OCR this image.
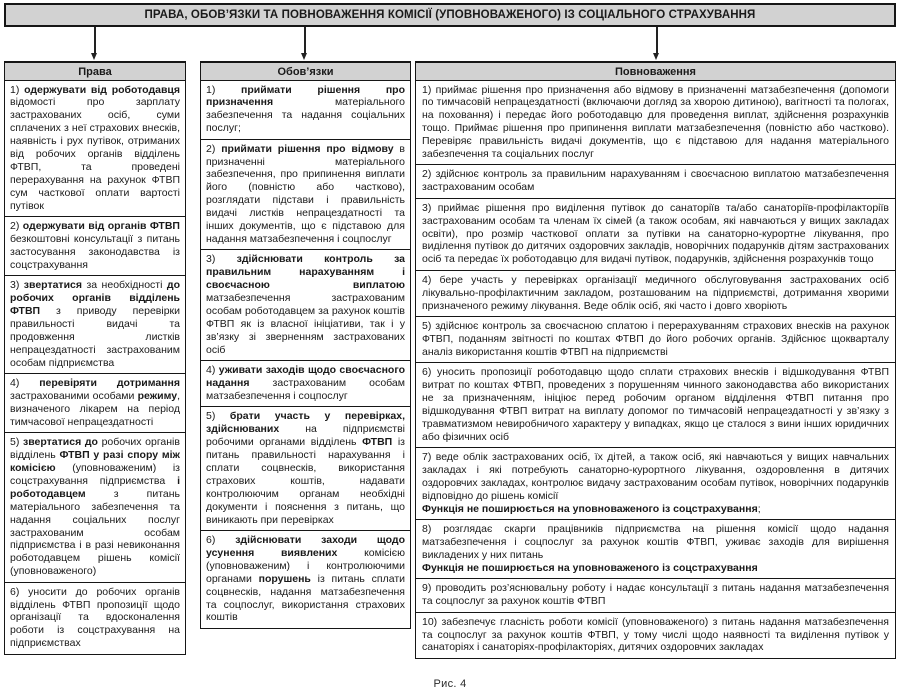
ПРАВА, ОБОВ’ЯЗКИ ТА ПОВНОВАЖЕННЯ КОМІСІЇ (УПОВНОВАЖЕНОГО) ІЗ СОЦІАЛЬНОГО СТРАХУВАННЯ
Права
1) одержувати від роботодавця відомості про зарплату застрахованих осіб, суми сплачених з неї страхових внесків, наявність і рух путівок, отриманих від робочих органів відділень ФТВП, та проведені перерахування на рахунок ФТВП сум часткової оплати вартості путівок
2) одержувати від органів ФТВП безкоштовні консультації з питань застосування законодавства із соцстрахування
3) звертатися за необхідності до робочих органів відділень ФТВП з приводу перевірки правильності видачі та продовження листків непрацездатності застрахованим особам підприємства
4) перевіряти дотримання застрахованими особами режиму, визначеного лікарем на період тимчасової непрацездатності
5) звертатися до робочих органів відділень ФТВП у разі спору між комісією (уповноваженим) із соцстрахування підприємства і роботодавцем з питань матеріального забезпечення та надання соціальних послуг застрахованим особам підприємства і в разі невиконання роботодавцем рішень комісії (уповноваженого)
6) уносити до робочих органів відділень ФТВП пропозиції щодо організації та вдосконалення роботи із соцстрахування на підприємствах
Обов’язки
1) приймати рішення про призначення матеріального забезпечення та надання соціальних послуг;
2) приймати рішення про відмову в призначенні матеріального забезпечення, про припинення виплати його (повністю або частково), розглядати підстави і правильність видачі листків непрацездатності та інших документів, що є підставою для надання матзабезпечення і соцпослуг
3) здійснювати контроль за правильним нарахуванням і своєчасною виплатою матзабезпечення застрахованим особам роботодавцем за рахунок коштів ФТВП як із власної ініціативи, так і у зв’язку зі зверненням застрахованих осіб
4) уживати заходів щодо своєчасного надання застрахованим особам матзабезпечення і соцпослуг
5) брати участь у перевірках, здійснюваних на підприємстві робочими органами відділень ФТВП із питань правильності нарахування і сплати соцвнесків, використання страхових коштів, надавати контролюючим органам необхідні документи і пояснення з питань, що виникають при перевірках
6) здійснювати заходи щодо усунення виявлених комісією (уповноваженим) і контролюючими органами порушень із питань сплати соцвнесків, надання матзабезпечення та соцпослуг, використання страхових коштів
Повноваження
1) приймає рішення про призначення або відмову в призначенні матзабезпечення (допомоги по тимчасовій непрацездатності (включаючи догляд за хворою дитиною), вагітності та пологах, на поховання) і передає його роботодавцю для проведення виплат, здійснення розрахунків тощо. Приймає рішення про припинення виплати матзабезпечення (повністю або частково). Перевіряє правильність видачі документів, що є підставою для надання матеріального забезпечення та соціальних послуг
2) здійснює контроль за правильним нарахуванням і своєчасною виплатою матзабезпечення застрахованим особам
3) приймає рішення про виділення путівок до санаторіїв та/або санаторіїв-профілакторіїв застрахованим особам та членам їх сімей (а також особам, які навчаються у вищих закладах освіти), про розмір часткової оплати за путівки на санаторно-курортне лікування, про виділення путівок до дитячих оздоровчих закладів, новорічних подарунків дітям застрахованих осіб та передає їх роботодавцю для видачі путівок, подарунків, здійснення розрахунків тощо
4) бере участь у перевірках організації медичного обслуговування застрахованих осіб лікувально-профілактичним закладом, розташованим на підприємстві, дотримання хворими призначеного режиму лікування. Веде облік осіб, які часто і довго хворіють
5) здійснює контроль за своєчасною сплатою і перерахуванням страхових внесків на рахунок ФТВП, поданням звітності по коштах ФТВП до його робочих органів. Здійснює щокварталу аналіз використання коштів ФТВП на підприємстві
6) уносить пропозиції роботодавцю щодо сплати страхових внесків і відшкодування ФТВП витрат по коштах ФТВП, проведених з порушенням чинного законодавства або використаних не за призначенням, ініціює перед робочим органом відділення ФТВП питання про відшкодування ФТВП витрат на виплату допомог по тимчасовій непрацездатності у зв’язку з травматизмом невиробничого характеру у випадках, якщо це сталося з вини інших юридичних або фізичних осіб
7) веде облік застрахованих осіб, їх дітей, а також осіб, які навчаються у вищих навчальних закладах і які потребують санаторно-курортного лікування, оздоровлення в дитячих оздоровчих закладах, контролює видачу застрахованим особам путівок, новорічних подарунків відповідно до рішень комісії
Функція не поширюється на уповноваженого із соцстрахування;
8) розглядає скарги працівників підприємства на рішення комісії щодо надання матзабезпечення і соцпослуг за рахунок коштів ФТВП, уживає заходів для вирішення викладених у них питань
Функція не поширюється на уповноваженого із соцстрахування
9) проводить роз’яснювальну роботу і надає консультації з питань надання матзабезпечення та соцпослуг за рахунок коштів ФТВП
10) забезпечує гласність роботи комісії (уповноваженого) з питань надання матзабезпечення та соцпослуг за рахунок коштів ФТВП, у тому числі щодо наявності та виділення путівок у санаторіях і санаторіях-профілакторіях, дитячих оздоровчих закладах
Рис. 4
